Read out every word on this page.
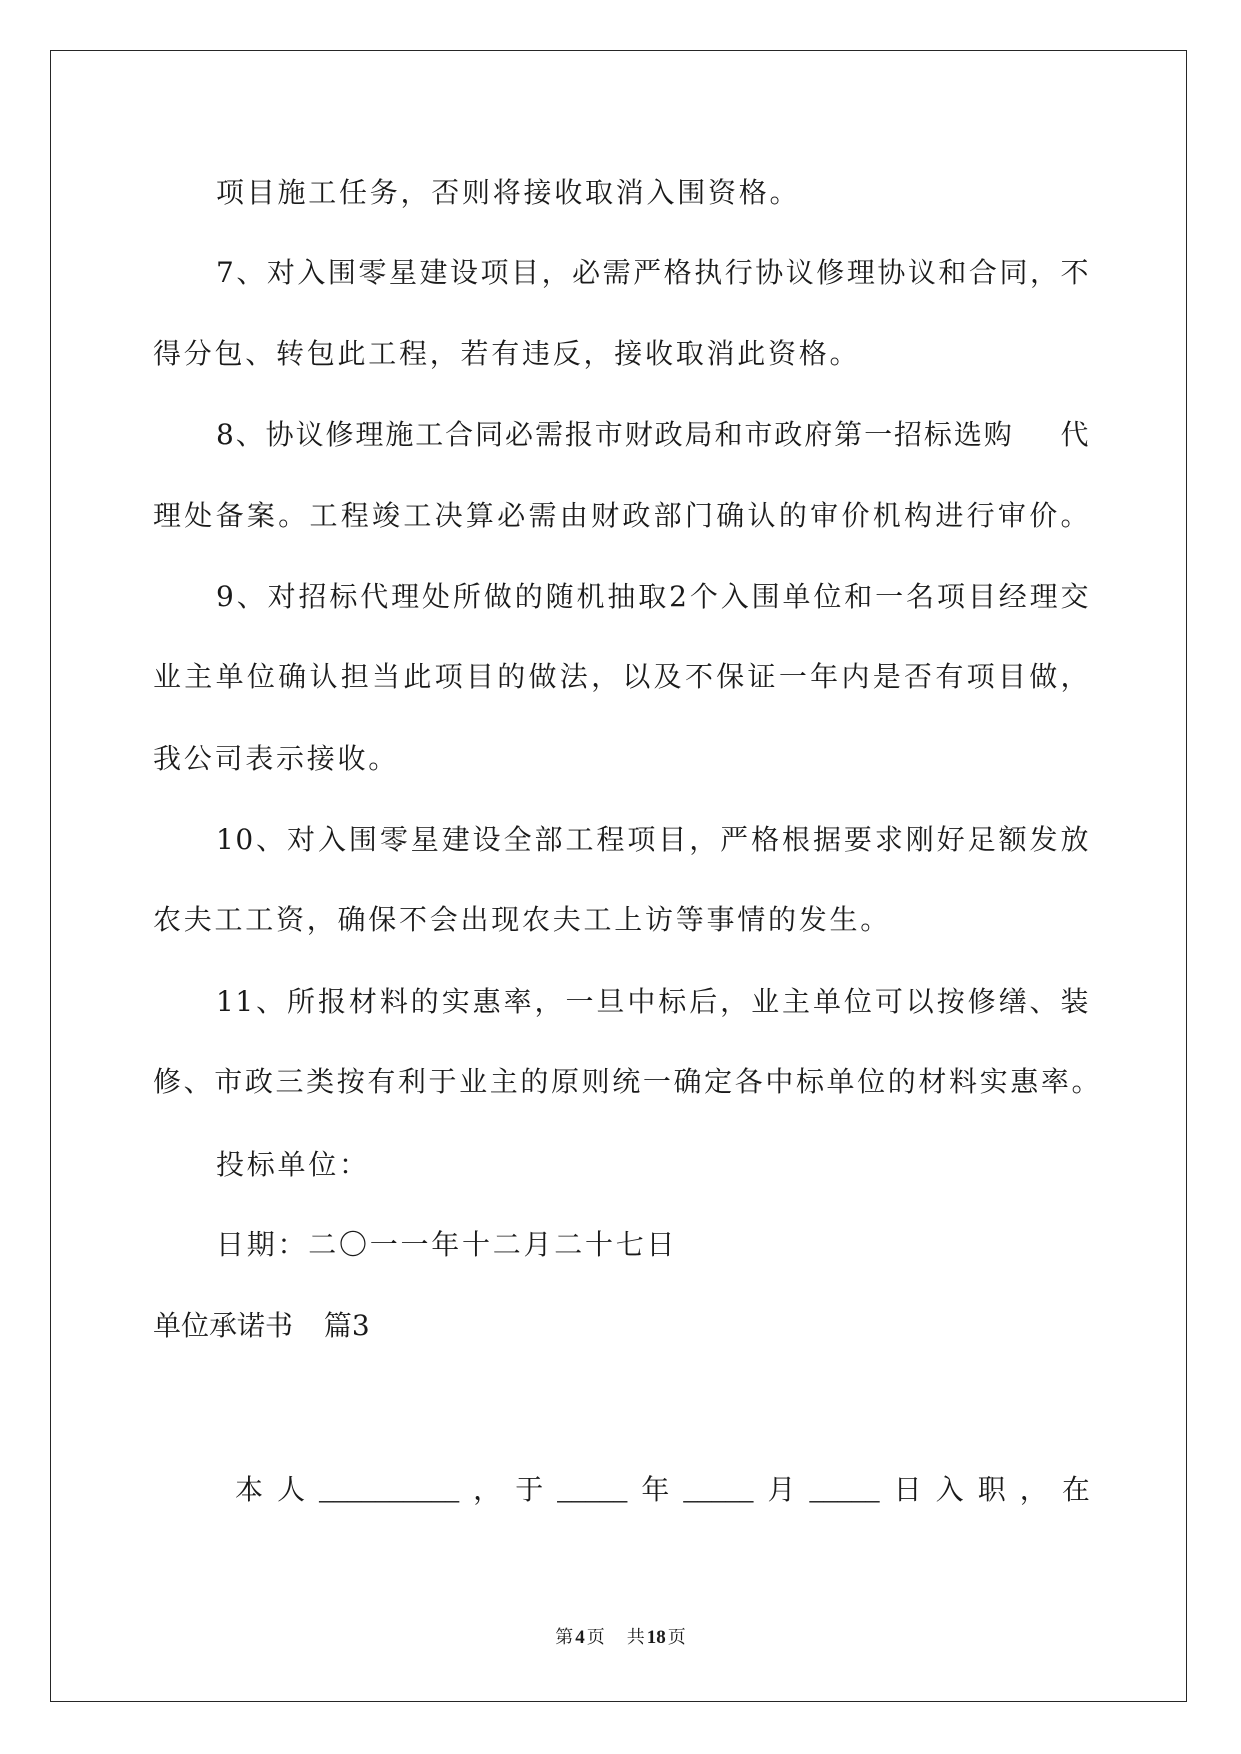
项目施工任务，否则将接收取消入围资格。
7、对入围零星建设项目，必需严格执行协议修理协议和合同，不
得分包、转包此工程，若有违反，接收取消此资格。
8、协议修理施工合同必需报市财政局和市政府第一招标选购 代
理处备案。工程竣工决算必需由财政部门确认的审价机构进行审价。
9、对招标代理处所做的随机抽取2个入围单位和一名项目经理交
业主单位确认担当此项目的做法，以及不保证一年内是否有项目做，
我公司表示接收。
10、对入围零星建设全部工程项目，严格根据要求刚好足额发放
农夫工工资，确保不会出现农夫工上访等事情的发生。
11、所报材料的实惠率，一旦中标后，业主单位可以按修缮、装
修、市政三类按有利于业主的原则统一确定各中标单位的材料实惠率。
投标单位：
日期：二〇一一年十二月二十七日
单位承诺书 篇3
本 人 __________ ， 于 _____ 年 _____ 月 _____ 日 入 职 ， 在
第 4 页 共 18 页
